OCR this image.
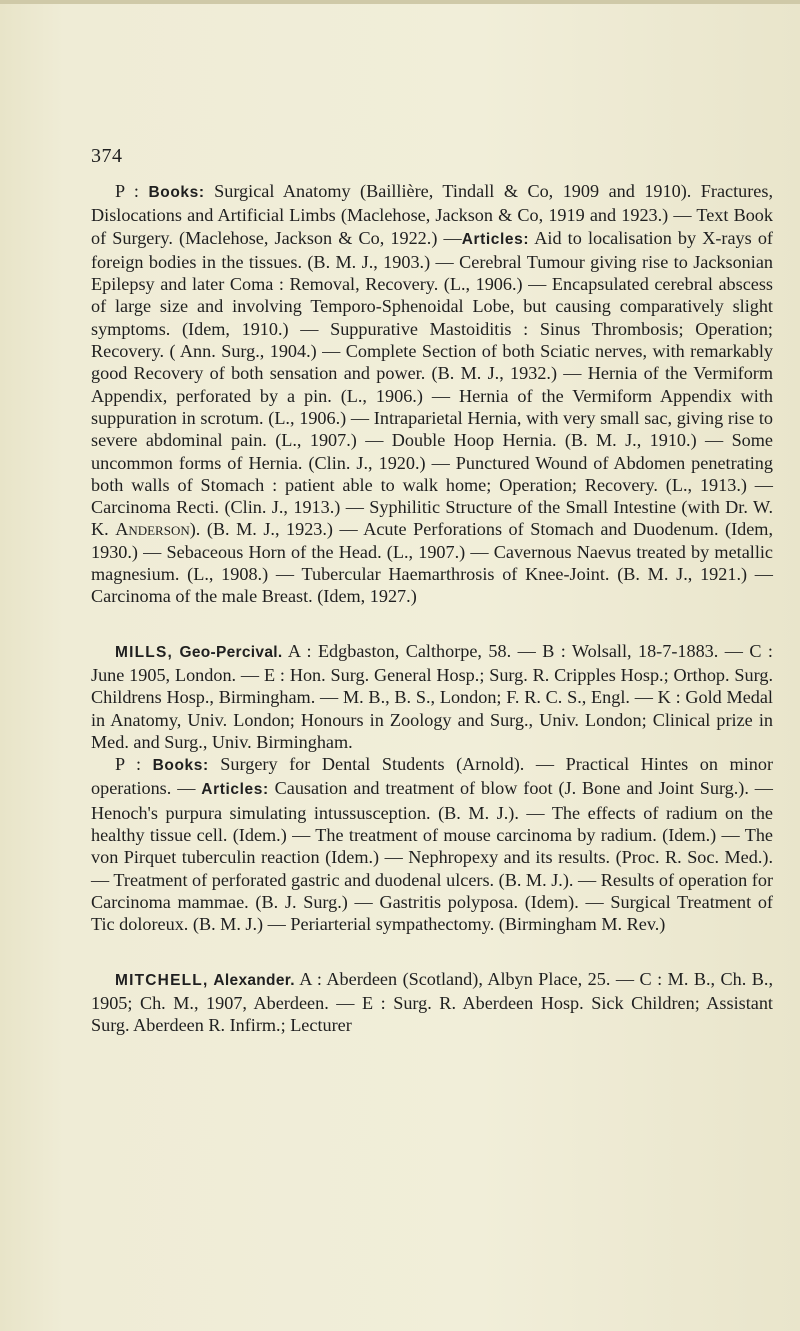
374

P : Books: Surgical Anatomy (Baillière, Tindall & Co, 1909 and 1910). Fractures, Dislocations and Artificial Limbs (Maclehose, Jackson & Co, 1919 and 1923.) — Text Book of Surgery. (Maclehose, Jackson & Co, 1922.) —Articles: Aid to localisation by X-rays of foreign bodies in the tissues. (B. M. J., 1903.) — Cerebral Tumour giving rise to Jacksonian Epilepsy and later Coma : Removal, Recovery. (L., 1906.) — Encapsulated cerebral abscess of large size and involving Temporo-Sphenoidal Lobe, but causing comparatively slight symptoms. (Idem, 1910.) — Suppurative Mastoiditis : Sinus Thrombosis; Operation; Recovery. ( Ann. Surg., 1904.) — Complete Section of both Sciatic nerves, with remarkably good Recovery of both sensation and power. (B. M. J., 1932.) — Hernia of the Vermiform Appendix, perforated by a pin. (L., 1906.) — Hernia of the Vermiform Appendix with suppuration in scrotum. (L., 1906.) — Intraparietal Hernia, with very small sac, giving rise to severe abdominal pain. (L., 1907.) — Double Hoop Hernia. (B. M. J., 1910.) — Some uncommon forms of Hernia. (Clin. J., 1920.) — Punctured Wound of Abdomen penetrating both walls of Stomach : patient able to walk home; Operation; Recovery. (L., 1913.) — Carcinoma Recti. (Clin. J., 1913.) — Syphilitic Structure of the Small Intestine (with Dr. W. K. Anderson). (B. M. J., 1923.) — Acute Perforations of Stomach and Duodenum. (Idem, 1930.) — Sebaceous Horn of the Head. (L., 1907.) — Cavernous Naevus treated by metallic magnesium. (L., 1908.) — Tubercular Haemarthrosis of Knee-Joint. (B. M. J., 1921.) — Carcinoma of the male Breast. (Idem, 1927.)

MILLS, Geo-Percival. A : Edgbaston, Calthorpe, 58. — B : Wolsall, 18-7-1883. — C : June 1905, London. — E : Hon. Surg. General Hosp.; Surg. R. Cripples Hosp.; Orthop. Surg. Childrens Hosp., Birmingham. — M. B., B. S., London; F. R. C. S., Engl. — K : Gold Medal in Anatomy, Univ. London; Honours in Zoology and Surg., Univ. London; Clinical prize in Med. and Surg., Univ. Birmingham.

P : Books: Surgery for Dental Students (Arnold). — Practical Hintes on minor operations. — Articles: Causation and treatment of blow foot (J. Bone and Joint Surg.). — Henoch's purpura simulating intussusception. (B. M. J.). — The effects of radium on the healthy tissue cell. (Idem.) — The treatment of mouse carcinoma by radium. (Idem.) — The von Pirquet tuberculin reaction (Idem.) — Nephropexy and its results. (Proc. R. Soc. Med.). — Treatment of perforated gastric and duodenal ulcers. (B. M. J.). — Results of operation for Carcinoma mammae. (B. J. Surg.) — Gastritis polyposa. (Idem). — Surgical Treatment of Tic doloreux. (B. M. J.) — Periarterial sympathectomy. (Birmingham M. Rev.)

MITCHELL, Alexander. A : Aberdeen (Scotland), Albyn Place, 25. — C : M. B., Ch. B., 1905; Ch. M., 1907, Aberdeen. — E : Surg. R. Aberdeen Hosp. Sick Children; Assistant Surg. Aberdeen R. Infirm.; Lecturer
